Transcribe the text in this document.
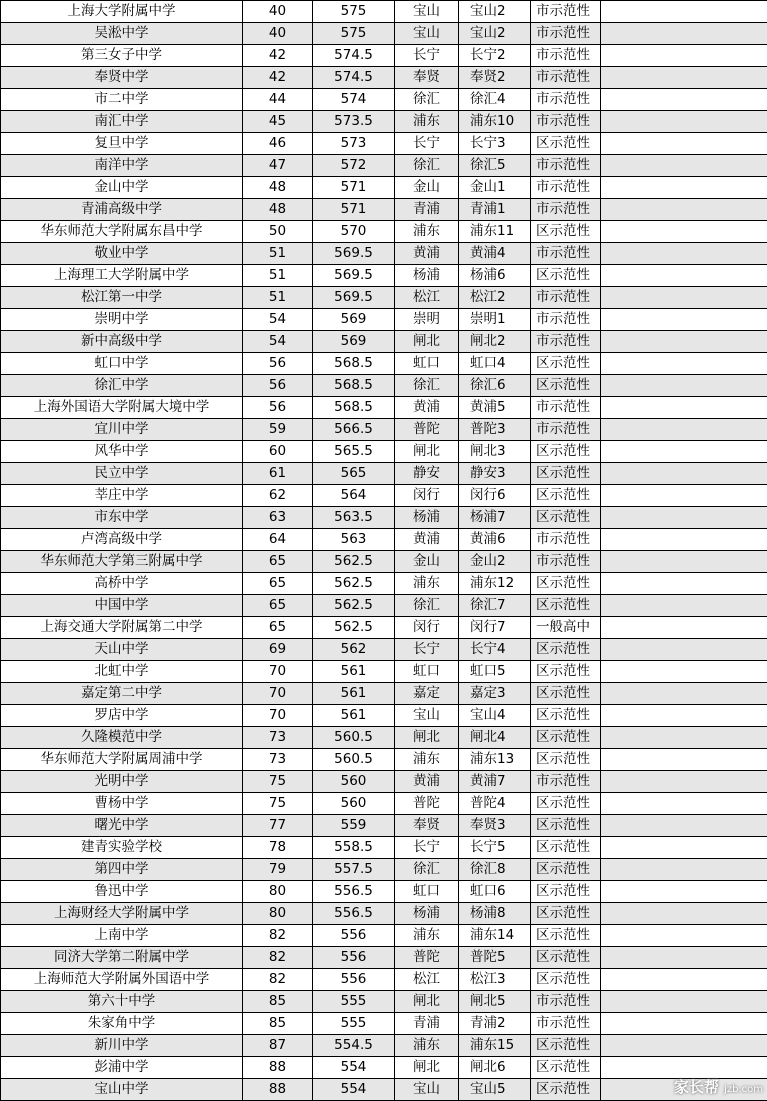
上海大学附属中学	40	575	宝山	宝山2	市示范性	
吴淞中学	40	575	宝山	宝山2	市示范性	
第三女子中学	42	574.5	长宁	长宁2	市示范性	
奉贤中学	42	574.5	奉贤	奉贤2	市示范性	
市二中学	44	574	徐汇	徐汇4	市示范性	
南汇中学	45	573.5	浦东	浦东10	市示范性	
复旦中学	46	573	长宁	长宁3	区示范性	
南洋中学	47	572	徐汇	徐汇5	市示范性	
金山中学	48	571	金山	金山1	市示范性	
青浦高级中学	48	571	青浦	青浦1	市示范性	
华东师范大学附属东昌中学	50	570	浦东	浦东11	区示范性	
敬业中学	51	569.5	黄浦	黄浦4	市示范性	
上海理工大学附属中学	51	569.5	杨浦	杨浦6	区示范性	
松江第一中学	51	569.5	松江	松江2	市示范性	
崇明中学	54	569	崇明	崇明1	市示范性	
新中高级中学	54	569	闸北	闸北2	市示范性	
虹口中学	56	568.5	虹口	虹口4	区示范性	
徐汇中学	56	568.5	徐汇	徐汇6	区示范性	
上海外国语大学附属大境中学	56	568.5	黄浦	黄浦5	市示范性	
宜川中学	59	566.5	普陀	普陀3	市示范性	
风华中学	60	565.5	闸北	闸北3	区示范性	
民立中学	61	565	静安	静安3	区示范性	
莘庄中学	62	564	闵行	闵行6	区示范性	
市东中学	63	563.5	杨浦	杨浦7	区示范性	
卢湾高级中学	64	563	黄浦	黄浦6	市示范性	
华东师范大学第三附属中学	65	562.5	金山	金山2	市示范性	
高桥中学	65	562.5	浦东	浦东12	区示范性	
中国中学	65	562.5	徐汇	徐汇7	区示范性	
上海交通大学附属第二中学	65	562.5	闵行	闵行7	一般高中	
天山中学	69	562	长宁	长宁4	区示范性	
北虹中学	70	561	虹口	虹口5	区示范性	
嘉定第二中学	70	561	嘉定	嘉定3	区示范性	
罗店中学	70	561	宝山	宝山4	区示范性	
久隆模范中学	73	560.5	闸北	闸北4	区示范性	
华东师范大学附属周浦中学	73	560.5	浦东	浦东13	区示范性	
光明中学	75	560	黄浦	黄浦7	市示范性	
曹杨中学	75	560	普陀	普陀4	区示范性	
曙光中学	77	559	奉贤	奉贤3	区示范性	
建青实验学校	78	558.5	长宁	长宁5	区示范性	
第四中学	79	557.5	徐汇	徐汇8	区示范性	
鲁迅中学	80	556.5	虹口	虹口6	区示范性	
上海财经大学附属中学	80	556.5	杨浦	杨浦8	区示范性	
上南中学	82	556	浦东	浦东14	区示范性	
同济大学第二附属中学	82	556	普陀	普陀5	区示范性	
上海师范大学附属外国语中学	82	556	松江	松江3	区示范性	
第六十中学	85	555	闸北	闸北5	市示范性	
朱家角中学	85	555	青浦	青浦2	市示范性	
新川中学	87	554.5	浦东	浦东15	区示范性	
彭浦中学	88	554	闸北	闸北6	区示范性	
宝山中学	88	554	宝山	宝山5	区示范性		家长帮 jzb.com
